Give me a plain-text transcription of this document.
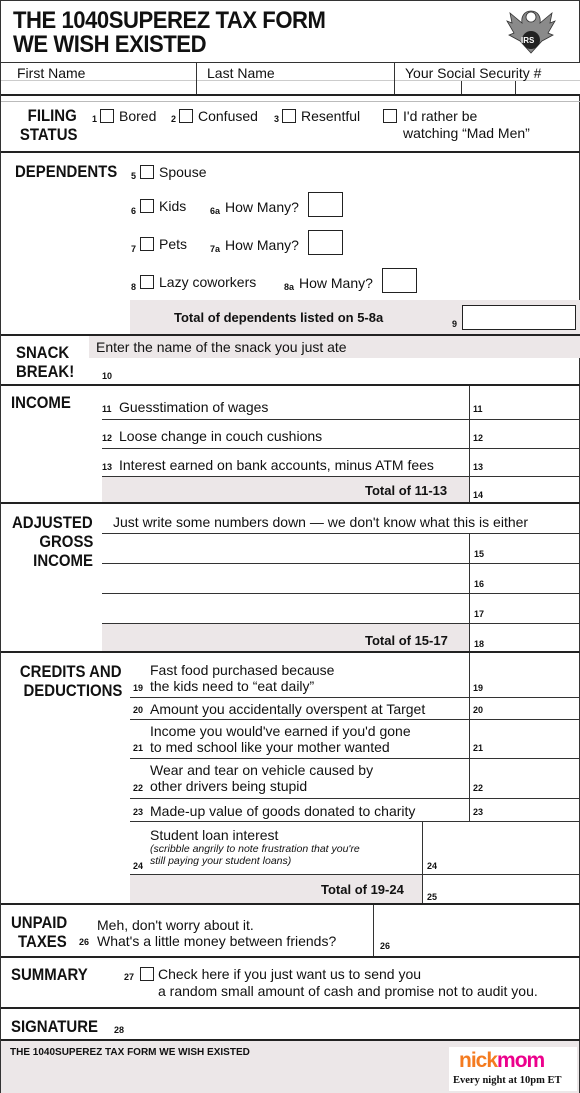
THE 1040SUPEREZ TAX FORM
WE WISH EXISTED	IRS
First Name	Last Name	Your Social Security #
FILING
STATUS
1 Bored 2 Confused 3 Resentful	I'd rather be
watching “Mad Men”
DEPENDENTS 5 Spouse
6 Kids	6a How Many?
7 Pets	7a How Many?
8 Lazy coworkers	8a How Many?
Total of dependents listed on 5-8a	9
SNACK
BREAK!
Enter the name of the snack you just ate
10
INCOME	11 Guesstimation of wages	11
12 Loose change in couch cushions	12
13 Interest earned on bank accounts, minus ATM fees	13
Total of 11-13	14
ADJUSTED
GROSS
INCOME
Just write some numbers down — we don't know what this is either
15
16
17
Total of 15-17	18
CREDITS AND
DEDUCTIONS
Fast food purchased because
19 the kids need to “eat daily”	19
20 Amount you accidentally overspent at Target	20
Income you would've earned if you'd gone
21 to med school like your mother wanted	21
Wear and tear on vehicle caused by
22 other drivers being stupid	22
23 Made-up value of goods donated to charity	23
Student loan interest
(scribble angrily to note frustration that you're
24 still paying your student loans)	24
Total of 19-24	25
UNPAID
TAXES
Meh, don't worry about it.
26 What's a little money between friends?	26
SUMMARY	27 Check here if you just want us to send you
a random small amount of cash and promise not to audit you.
SIGNATURE 28
THE 1040SUPEREZ TAX FORM WE WISH EXISTED	nickmom
Every night at 10pm ET
